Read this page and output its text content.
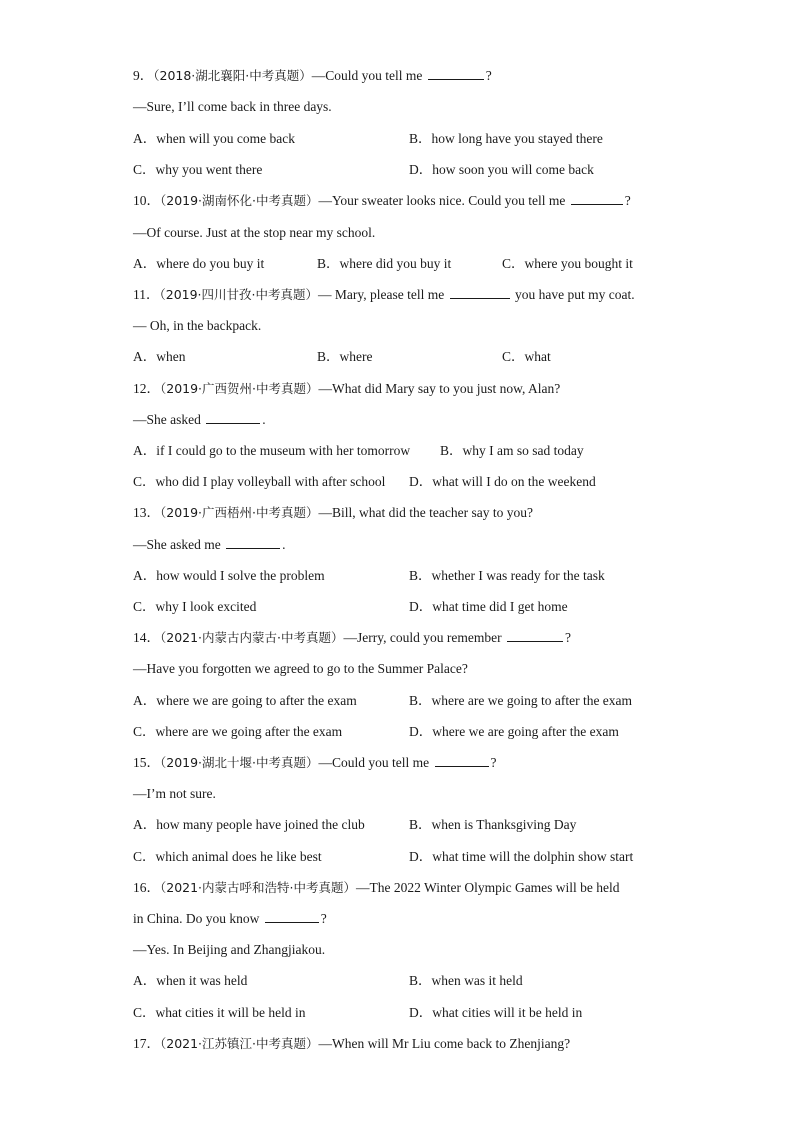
9．（2018·湖北襄阳·中考真题）—Could you tell me	?
—Sure, I’ll come back in three days.
A．when will you come back	B．how long have you stayed there
C．why you went there	D．how soon you will come back
10．（2019·湖南怀化·中考真题）—Your sweater looks nice. Could you tell me	?
—Of course. Just at the stop near my school.
A．where do you buy it	B．where did you buy it	C．where you bought it
11．（2019·四川甘孜·中考真题）— Mary, please tell me	you have put my coat.
— Oh, in the backpack.
A．when	B．where	C．what
12．（2019·广西贺州·中考真题）—What did Mary say to you just now, Alan?
—She asked	.
A．if I could go to the museum with her tomorrow B．why I am so sad today
C．who did I play volleyball with after school D．what will I do on the weekend
13．（2019·广西梧州·中考真题）—Bill, what did the teacher say to you?
—She asked me	.
A．how would I solve the problem	B．whether I was ready for the task
C．why I look excited	D．what time did I get home
14．（2021·内蒙古内蒙古·中考真题）—Jerry, could you remember	?
—Have you forgotten we agreed to go to the Summer Palace?
A．where we are going to after the exam	B．where are we going to after the exam
C．where are we going after the exam	D．where we are going after the exam
15．（2019·湖北十堰·中考真题）—Could you tell me	?
—I’m not sure.
A．how many people have joined the club	B．when is Thanksgiving Day
C．which animal does he like best	D．what time will the dolphin show start
16．（2021·内蒙古呼和浩特·中考真题）—The 2022 Winter Olympic Games will be held
in China. Do you know	?
—Yes. In Beijing and Zhangjiakou.
A．when it was held	B．when was it held
C．what cities it will be held in	D．what cities will it be held in
17．（2021·江苏镇江·中考真题）—When will Mr Liu come back to Zhenjiang?
